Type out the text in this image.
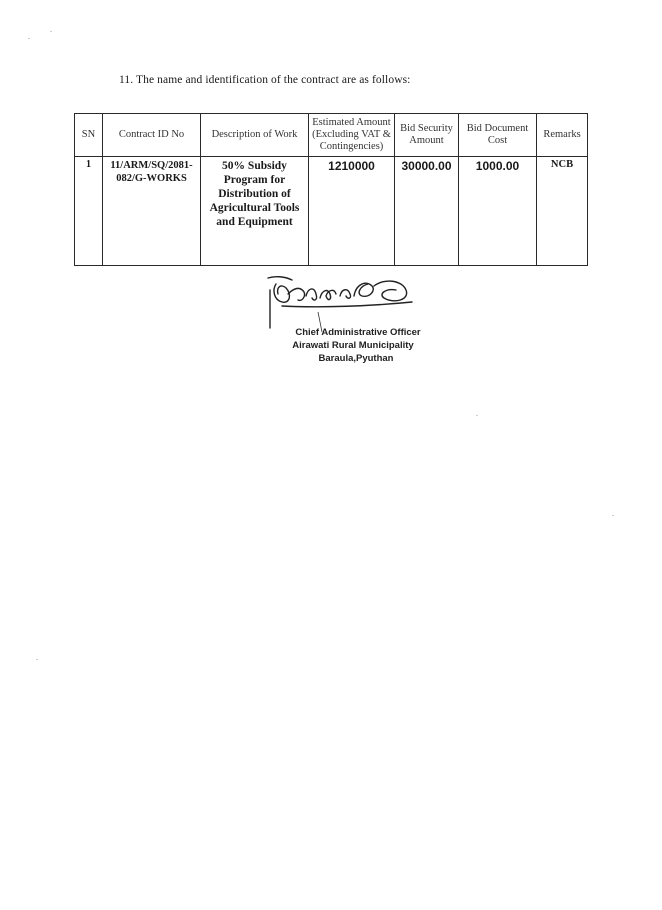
11. The name and identification of the contract are as follows:
SN	Contract ID No	Description of Work	Estimated Amount (Excluding VAT & Contingencies)	Bid Security Amount	Bid Document Cost	Remarks
1	11/ARM/SQ/2081-082/G-WORKS	50% Subsidy Program for Distribution of Agricultural Tools and Equipment	1210000	30000.00	1000.00	NCB
Chief Administrative Officer
Airawati Rural Municipality
Baraula,Pyuthan
